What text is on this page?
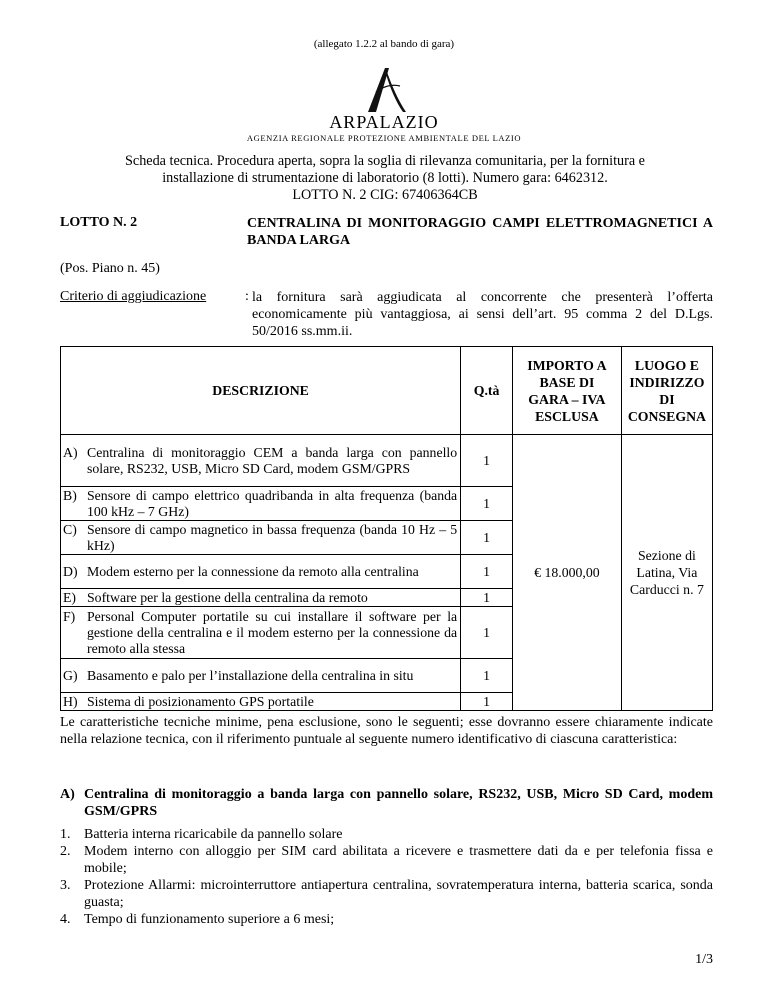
(allegato 1.2.2 al bando di gara)
ARPALAZIO
AGENZIA REGIONALE PROTEZIONE AMBIENTALE DEL LAZIO
Scheda tecnica. Procedura aperta, sopra la soglia di rilevanza comunitaria, per la fornitura e
installazione di strumentazione di laboratorio (8 lotti). Numero gara: 6462312.
LOTTO N. 2 CIG: 67406364CB
LOTTO N. 2	CENTRALINA DI MONITORAGGIO CAMPI ELETTROMAGNETICI A BANDA LARGA
(Pos. Piano n. 45)
Criterio di aggiudicazione	: la fornitura sarà aggiudicata al concorrente che presenterà l’offerta economicamente più vantaggiosa, ai sensi dell’art. 95 comma 2 del D.Lgs. 50/2016 ss.mm.ii.
DESCRIZIONE	Q.tà	IMPORTO A BASE DI GARA – IVA ESCLUSA	LUOGO E INDIRIZZO DI CONSEGNA

A) Centralina di monitoraggio CEM a banda larga con pannello solare, RS232, USB, Micro SD Card, modem GSM/GPRS	1	€ 18.000,00	Sezione di Latina, Via Carducci n. 7

B) Sensore di campo elettrico quadribanda in alta frequenza (banda 100 kHz – 7 GHz)	1		

C) Sensore di campo magnetico in bassa frequenza (banda 10 Hz – 5 kHz)	1		

D) Modem esterno per la connessione da remoto alla centralina	1		

E) Software per la gestione della centralina da remoto	1		

F) Personal Computer portatile su cui installare il software per la gestione della centralina e il modem esterno per la connessione da remoto alla stessa	1		

G) Basamento e palo per l’installazione della centralina in situ	1		

H) Sistema di posizionamento GPS portatile	1		
Le caratteristiche tecniche minime, pena esclusione, sono le seguenti; esse dovranno essere chiaramente indicate nella relazione tecnica, con il riferimento puntuale al seguente numero identificativo di ciascuna caratteristica:
A) Centralina di monitoraggio a banda larga con pannello solare, RS232, USB, Micro SD Card, modem GSM/GPRS
1. Batteria interna ricaricabile da pannello solare
2. Modem interno con alloggio per SIM card abilitata a ricevere e trasmettere dati da e per telefonia fissa e mobile;
3. Protezione Allarmi: microinterruttore antiapertura centralina, sovratemperatura interna, batteria scarica, sonda guasta;
4. Tempo di funzionamento superiore a 6 mesi;
1/3
